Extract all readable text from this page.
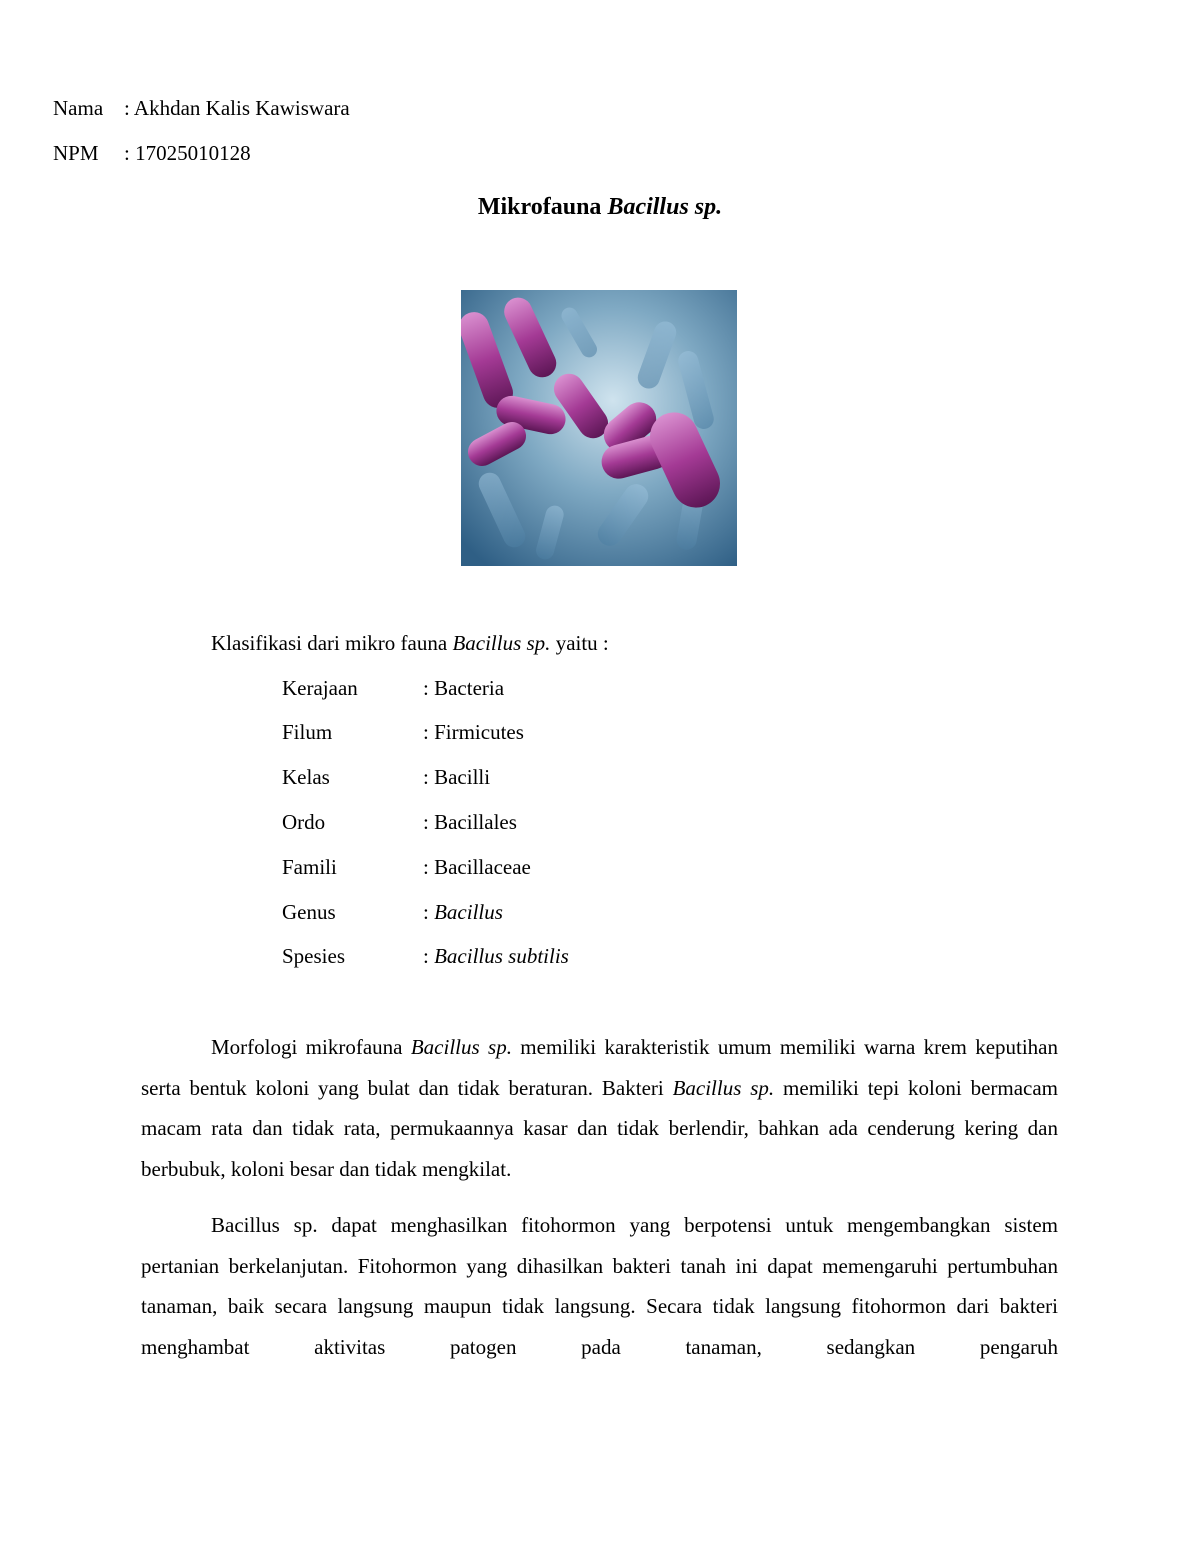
Nama : Akhdan Kalis Kawiswara
NPM : 17025010128
Mikrofauna Bacillus sp.
Klasifikasi dari mikro fauna Bacillus sp. yaitu :
Kerajaan	: Bacteria
Filum	: Firmicutes
Kelas	: Bacilli
Ordo	: Bacillales
Famili	: Bacillaceae
Genus	: Bacillus
Spesies	: Bacillus subtilis

Morfologi mikrofauna Bacillus sp. memiliki karakteristik umum memiliki warna krem keputihan serta bentuk koloni yang bulat dan tidak beraturan. Bakteri Bacillus sp. memiliki tepi koloni bermacam macam rata dan tidak rata, permukaannya kasar dan tidak berlendir, bahkan ada cenderung kering dan berbubuk, koloni besar dan tidak mengkilat.

Bacillus sp. dapat menghasilkan fitohormon yang berpotensi untuk mengembangkan sistem pertanian berkelanjutan. Fitohormon yang dihasilkan bakteri tanah ini dapat memengaruhi pertumbuhan tanaman, baik secara langsung maupun tidak langsung. Secara tidak langsung fitohormon dari bakteri menghambat aktivitas patogen pada tanaman, sedangkan pengaruh
